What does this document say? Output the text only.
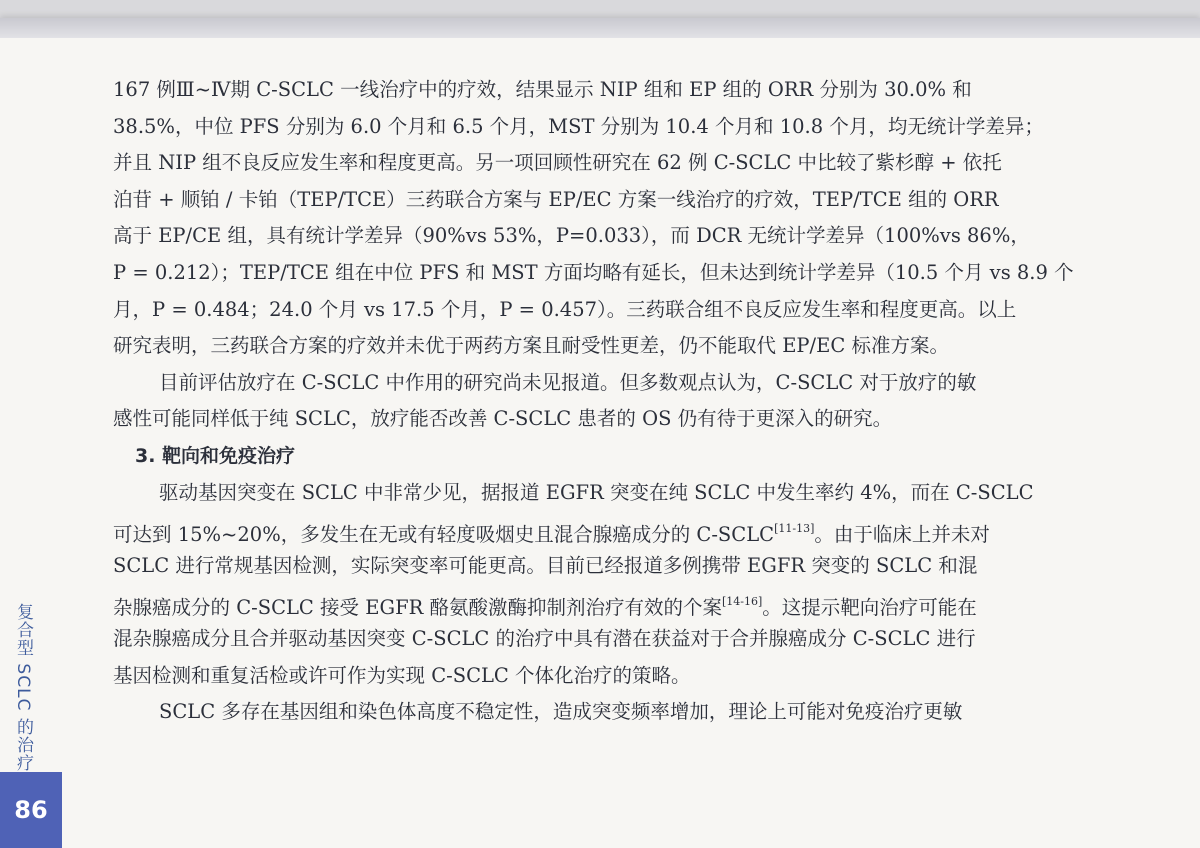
167 例Ⅲ~Ⅳ期 C-SCLC 一线治疗中的疗效，结果显示 NIP 组和 EP 组的 ORR 分别为 30.0% 和
38.5%，中位 PFS 分别为 6.0 个月和 6.5 个月，MST 分别为 10.4 个月和 10.8 个月，均无统计学差异；
并且 NIP 组不良反应发生率和程度更高。另一项回顾性研究在 62 例 C-SCLC 中比较了紫杉醇 + 依托
泊苷 + 顺铂 / 卡铂（TEP/TCE）三药联合方案与 EP/EC 方案一线治疗的疗效，TEP/TCE 组的 ORR
高于 EP/CE 组，具有统计学差异（90%vs 53%，P=0.033），而 DCR 无统计学差异（100%vs 86%，
P = 0.212）；TEP/TCE 组在中位 PFS 和 MST 方面均略有延长，但未达到统计学差异（10.5 个月 vs 8.9 个
月，P = 0.484；24.0 个月 vs 17.5 个月，P = 0.457）。三药联合组不良反应发生率和程度更高。以上
研究表明，三药联合方案的疗效并未优于两药方案且耐受性更差，仍不能取代 EP/EC 标准方案。
目前评估放疗在 C-SCLC 中作用的研究尚未见报道。但多数观点认为，C-SCLC 对于放疗的敏
感性可能同样低于纯 SCLC，放疗能否改善 C-SCLC 患者的 OS 仍有待于更深入的研究。
3. 靶向和免疫治疗
驱动基因突变在 SCLC 中非常少见，据报道 EGFR 突变在纯 SCLC 中发生率约 4%，而在 C-SCLC
可达到 15%~20%，多发生在无或有轻度吸烟史且混合腺癌成分的 C-SCLC[11-13]。由于临床上并未对
SCLC 进行常规基因检测，实际突变率可能更高。目前已经报道多例携带 EGFR 突变的 SCLC 和混
杂腺癌成分的 C-SCLC 接受 EGFR 酪氨酸激酶抑制剂治疗有效的个案[14-16]。这提示靶向治疗可能在
混杂腺癌成分且合并驱动基因突变 C-SCLC 的治疗中具有潜在获益对于合并腺癌成分 C-SCLC 进行
基因检测和重复活检或许可作为实现 C-SCLC 个体化治疗的策略。
SCLC 多存在基因组和染色体高度不稳定性，造成突变频率增加，理论上可能对免疫治疗更敏
复合型 SCLC 的治疗
86
